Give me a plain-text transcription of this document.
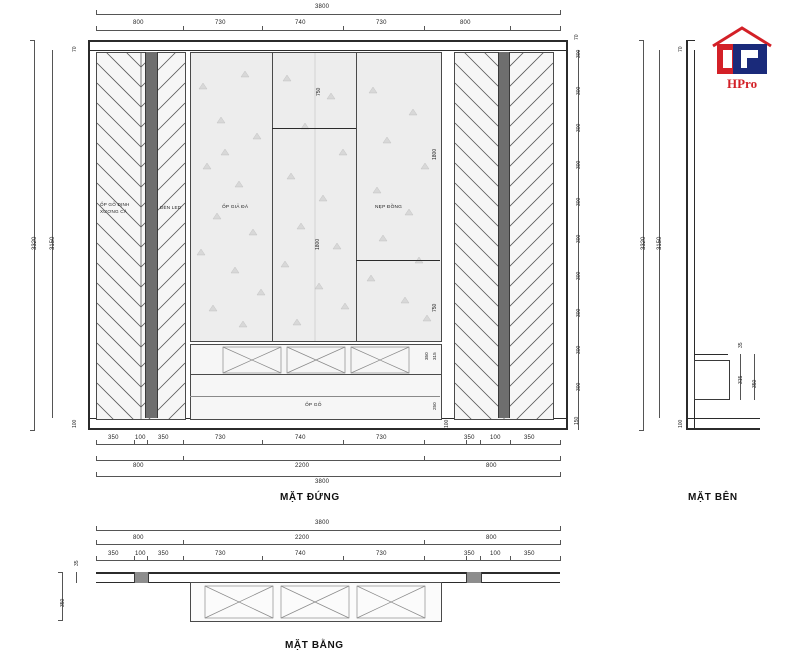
HPro
3800
800	730	740	730	800
ỐP GỖ ĐỊNH
XƯƠNG CÁ
ĐÈN LED	ỐP GIẢ ĐÁ	NẸP ĐỒNG
750
1800
1800
750
ỐP GỖ
350 315
250
3320 3150
70
100
70
300
300
300
300
300
300
300
300
300
300
150
100
350	100 350	730	740	730	350	100	350
800	2200	800
3800
MẶT ĐỨNG
3320 3150
70
100
35
315 350
MẶT BÊN
3800
800	2200	800
350	100 350	730	740	730	350	100	350
35
350
MẶT BẰNG
